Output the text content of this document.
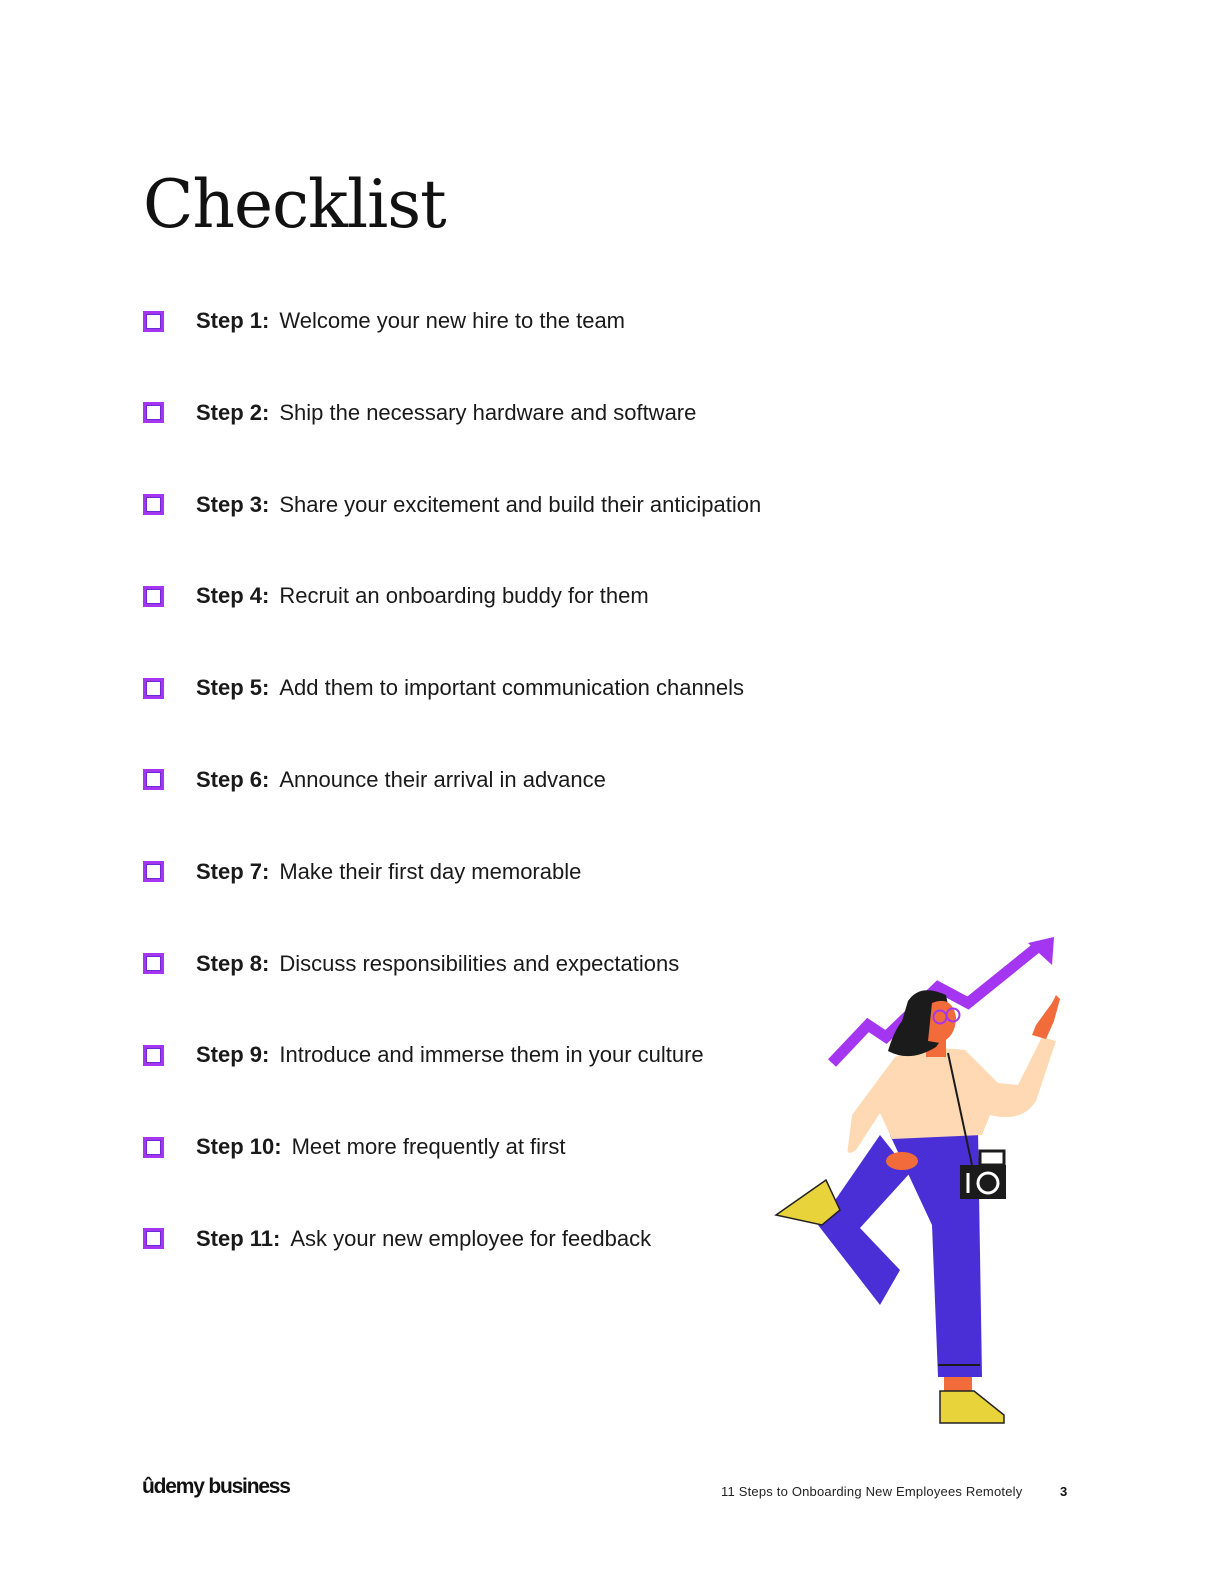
Checklist
Step 1: Welcome your new hire to the team
Step 2: Ship the necessary hardware and software
Step 3: Share your excitement and build their anticipation
Step 4: Recruit an onboarding buddy for them
Step 5: Add them to important communication channels
Step 6: Announce their arrival in advance
Step 7: Make their first day memorable
Step 8: Discuss responsibilities and expectations
Step 9: Introduce and immerse them in your culture
Step 10: Meet more frequently at first
Step 11: Ask your new employee for feedback
ûdemy business	11 Steps to Onboarding New Employees Remotely	3
